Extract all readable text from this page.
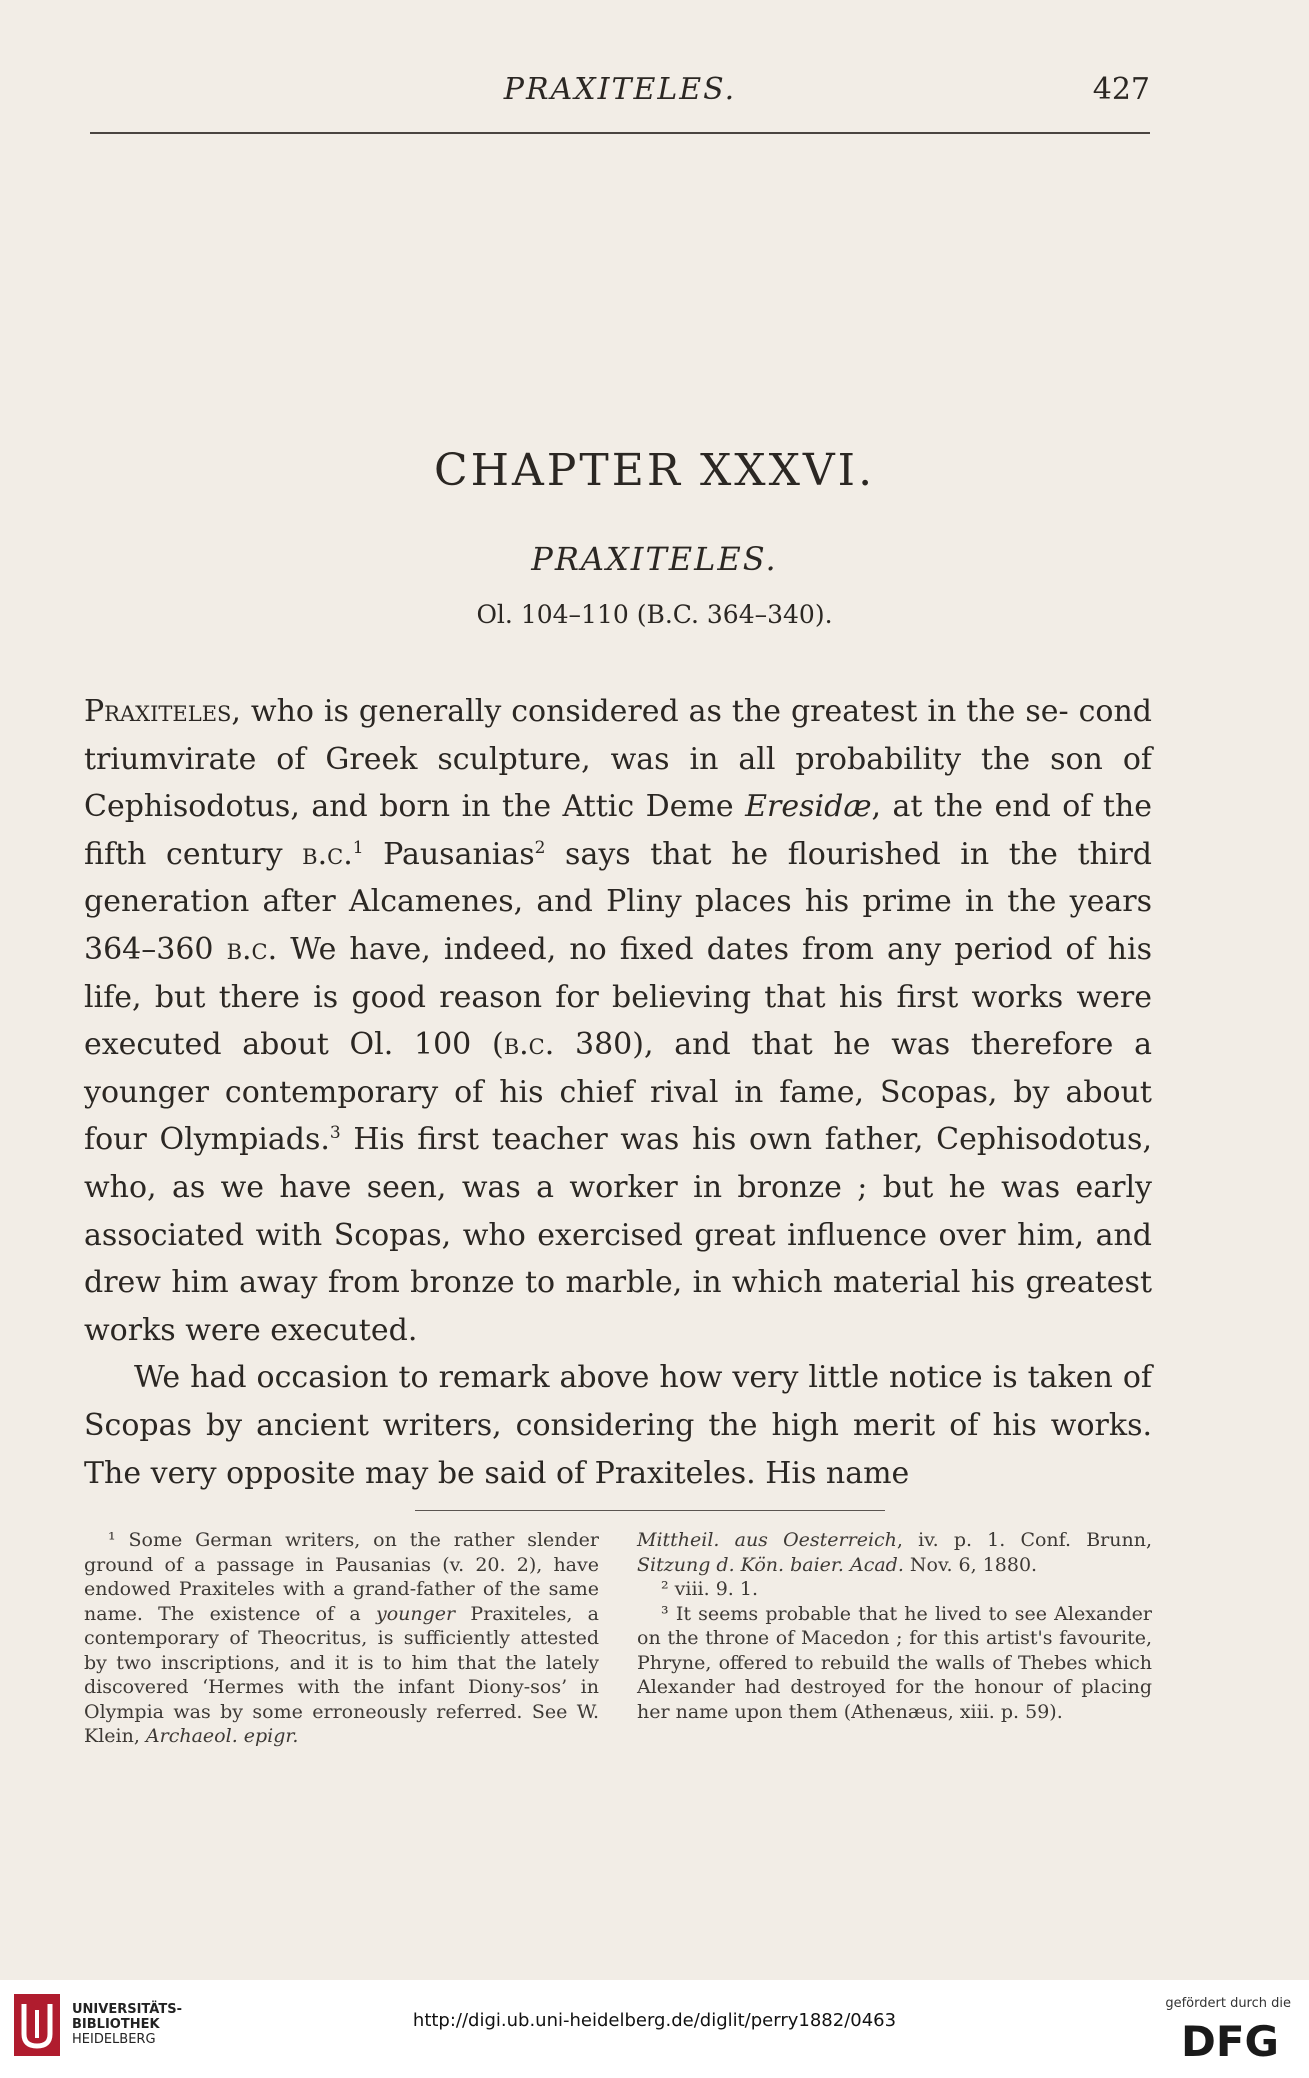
PRAXITELES.	427
CHAPTER XXXVI.
PRAXITELES.
Ol. 104–110 (B.C. 364–340).

Praxiteles, who is generally considered as the greatest in the se- cond triumvirate of Greek sculpture, was in all probability the son of Cephisodotus, and born in the Attic Deme Eresidæ, at the end of the fifth century b.c.$^1$ Pausanias$^2$ says that he flourished in the third generation after Alcamenes, and Pliny places his prime in the years 364–360 b.c. We have, indeed, no fixed dates from any period of his life, but there is good reason for believing that his first works were executed about Ol. 100 (b.c. 380), and that he was therefore a younger contemporary of his chief rival in fame, Scopas, by about four Olympiads.$^3$ His first teacher was his own father, Cephisodotus, who, as we have seen, was a worker in bronze ; but he was early associated with Scopas, who exercised great influence over him, and drew him away from bronze to marble, in which material his greatest works were executed.

We had occasion to remark above how very little notice is taken of Scopas by ancient writers, considering the high merit of his works. The very opposite may be said of Praxiteles. His name

¹ Some German writers, on the rather slender ground of a passage in Pausanias (v. 20. 2), have endowed Praxiteles with a grand-father of the same name. The existence of a younger Praxiteles, a contemporary of Theocritus, is sufficiently attested by two inscriptions, and it is to him that the lately discovered ‘Hermes with the infant Diony-sos’ in Olympia was by some erroneously referred. See W. Klein, Archaeol. epigr.

Mittheil. aus Oesterreich, iv. p. 1. Conf. Brunn, Sitzung d. Kön. baier. Acad. Nov. 6, 1880.

² viii. 9. 1.

³ It seems probable that he lived to see Alexander on the throne of Macedon ; for this artist's favourite, Phryne, offered to rebuild the walls of Thebes which Alexander had destroyed for the honour of placing her name upon them (Athenæus, xiii. p. 59).

UNIVERSITÄTS-
BIBLIOTHEK
HEIDELBERG
http://digi.ub.uni-heidelberg.de/diglit/perry1882/0463
gefördert durch die
DFG
